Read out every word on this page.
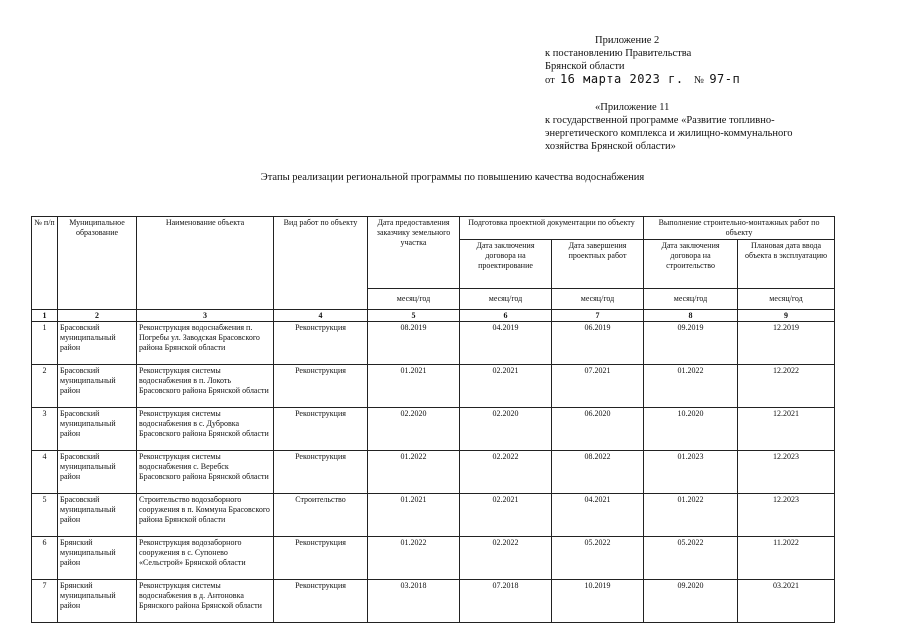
Приложение 2
к постановлению Правительства
Брянской области
от 16 марта 2023 г. № 97-п
«Приложение 11
к государственной программе «Развитие топливно-
энергетического комплекса и жилищно-коммунального
хозяйства Брянской области»
Этапы реализации региональной программы по повышению качества водоснабжения
№ п/п	Муниципальное образование	Наименование объекта	Вид работ по объекту	Дата предоставления заказчику земельного участка	Подготовка проектной документации по объекту		Выполнение строительно-монтажных работ по объекту	
					Дата заключения договора на проектирование	Дата завершения проектных работ	Дата заключения договора на строительство	Плановая дата ввода объекта в эксплуатацию
				месяц/год	месяц/год	месяц/год	месяц/год	месяц/год
1	2	3	4	5	6	7	8	9
1	Брасовский муниципальный район	Реконструкция водоснабжения п. Погребы ул. Заводская Брасовского района Брянской области	Реконструкция	08.2019	04.2019	06.2019	09.2019	12.2019
2	Брасовский муниципальный район	Реконструкция системы водоснабжения в п. Локоть Брасовского района Брянской области	Реконструкция	01.2021	02.2021	07.2021	01.2022	12.2022
3	Брасовский муниципальный район	Реконструкция системы водоснабжения в с. Дубровка Брасовского района Брянской области	Реконструкция	02.2020	02.2020	06.2020	10.2020	12.2021
4	Брасовский муниципальный район	Реконструкция системы водоснабжения с. Веребск Брасовского района Брянской области	Реконструкция	01.2022	02.2022	08.2022	01.2023	12.2023
5	Брасовский муниципальный район	Строительство водозаборного сооружения в п. Коммуна Брасовского района Брянской области	Строительство	01.2021	02.2021	04.2021	01.2022	12.2023
6	Брянский муниципальный район	Реконструкция водозаборного сооружения в с. Супонево «Сельстрой» Брянской области	Реконструкция	01.2022	02.2022	05.2022	05.2022	11.2022
7	Брянский муниципальный район	Реконструкция системы водоснабжения в д. Антоновка Брянского района Брянской области	Реконструкция	03.2018	07.2018	10.2019	09.2020	03.2021
